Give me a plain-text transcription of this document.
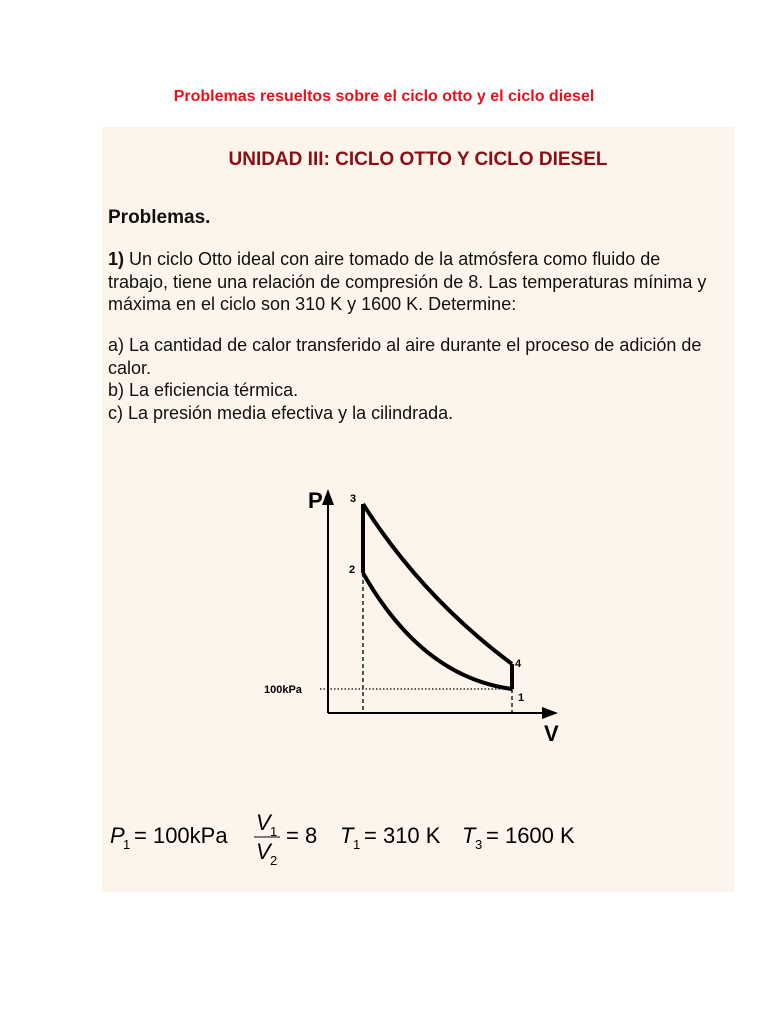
Problemas resueltos sobre el ciclo otto y el ciclo diesel
UNIDAD III: CICLO OTTO Y CICLO DIESEL
Problemas.
1) Un ciclo Otto ideal con aire tomado de la atmósfera como fluido de trabajo, tiene una relación de compresión de 8. Las temperaturas mínima y máxima en el ciclo son 310 K y 1600 K. Determine:
a) La cantidad de calor transferido al aire durante el proceso de adición de calor.
b) La eficiencia térmica.
c) La presión media efectiva y la cilindrada.
P
V
100kPa
3
2
4
1
P
1 = 100kPa
V 1
V 2
= 8 T 1 = 310 K T 3 = 1600 K
